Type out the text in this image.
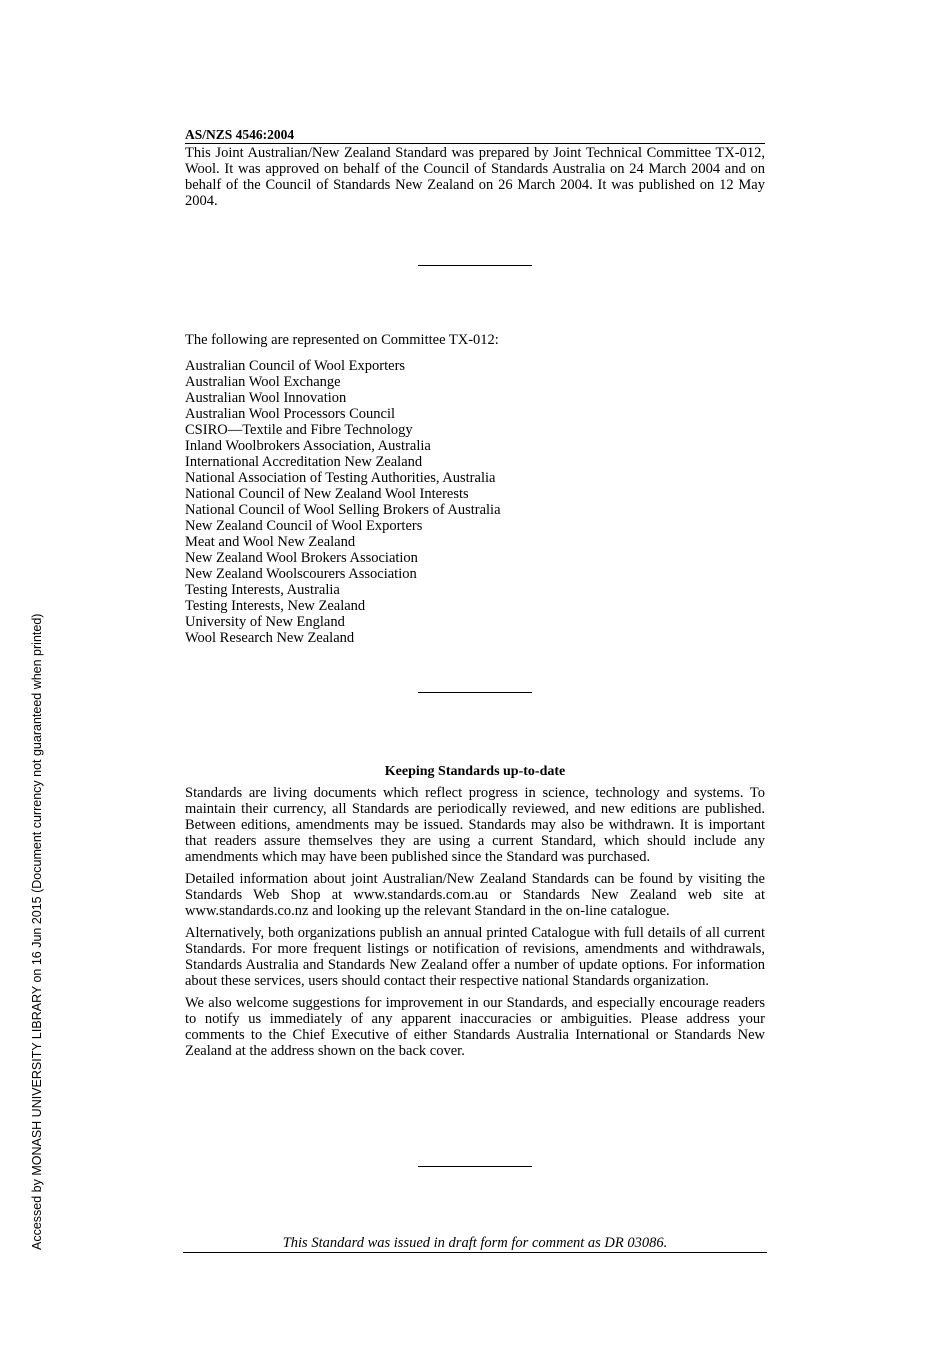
Accessed by MONASH UNIVERSITY LIBRARY on 16 Jun 2015 (Document currency not guaranteed when printed)
AS/NZS 4546:2004

This Joint Australian/New Zealand Standard was prepared by Joint Technical Committee TX-012, Wool. It was approved on behalf of the Council of Standards Australia on 24 March 2004 and on behalf of the Council of Standards New Zealand on 26 March 2004. It was published on 12 May 2004.

The following are represented on Committee TX-012:

Australian Council of Wool Exporters
Australian Wool Exchange
Australian Wool Innovation
Australian Wool Processors Council
CSIRO—Textile and Fibre Technology
Inland Woolbrokers Association, Australia
International Accreditation New Zealand
National Association of Testing Authorities, Australia
National Council of New Zealand Wool Interests
National Council of Wool Selling Brokers of Australia
New Zealand Council of Wool Exporters
Meat and Wool New Zealand
New Zealand Wool Brokers Association
New Zealand Woolscourers Association
Testing Interests, Australia
Testing Interests, New Zealand
University of New England
Wool Research New Zealand
Keeping Standards up-to-date

Standards are living documents which reflect progress in science, technology and systems. To maintain their currency, all Standards are periodically reviewed, and new editions are published. Between editions, amendments may be issued. Standards may also be withdrawn. It is important that readers assure themselves they are using a current Standard, which should include any amendments which may have been published since the Standard was purchased.

Detailed information about joint Australian/New Zealand Standards can be found by visiting the Standards Web Shop at www.standards.com.au or Standards New Zealand web site at www.standards.co.nz and looking up the relevant Standard in the on-line catalogue.

Alternatively, both organizations publish an annual printed Catalogue with full details of all current Standards. For more frequent listings or notification of revisions, amendments and withdrawals, Standards Australia and Standards New Zealand offer a number of update options. For information about these services, users should contact their respective national Standards organization.

We also welcome suggestions for improvement in our Standards, and especially encourage readers to notify us immediately of any apparent inaccuracies or ambiguities. Please address your comments to the Chief Executive of either Standards Australia International or Standards New Zealand at the address shown on the back cover.

This Standard was issued in draft form for comment as DR 03086.
